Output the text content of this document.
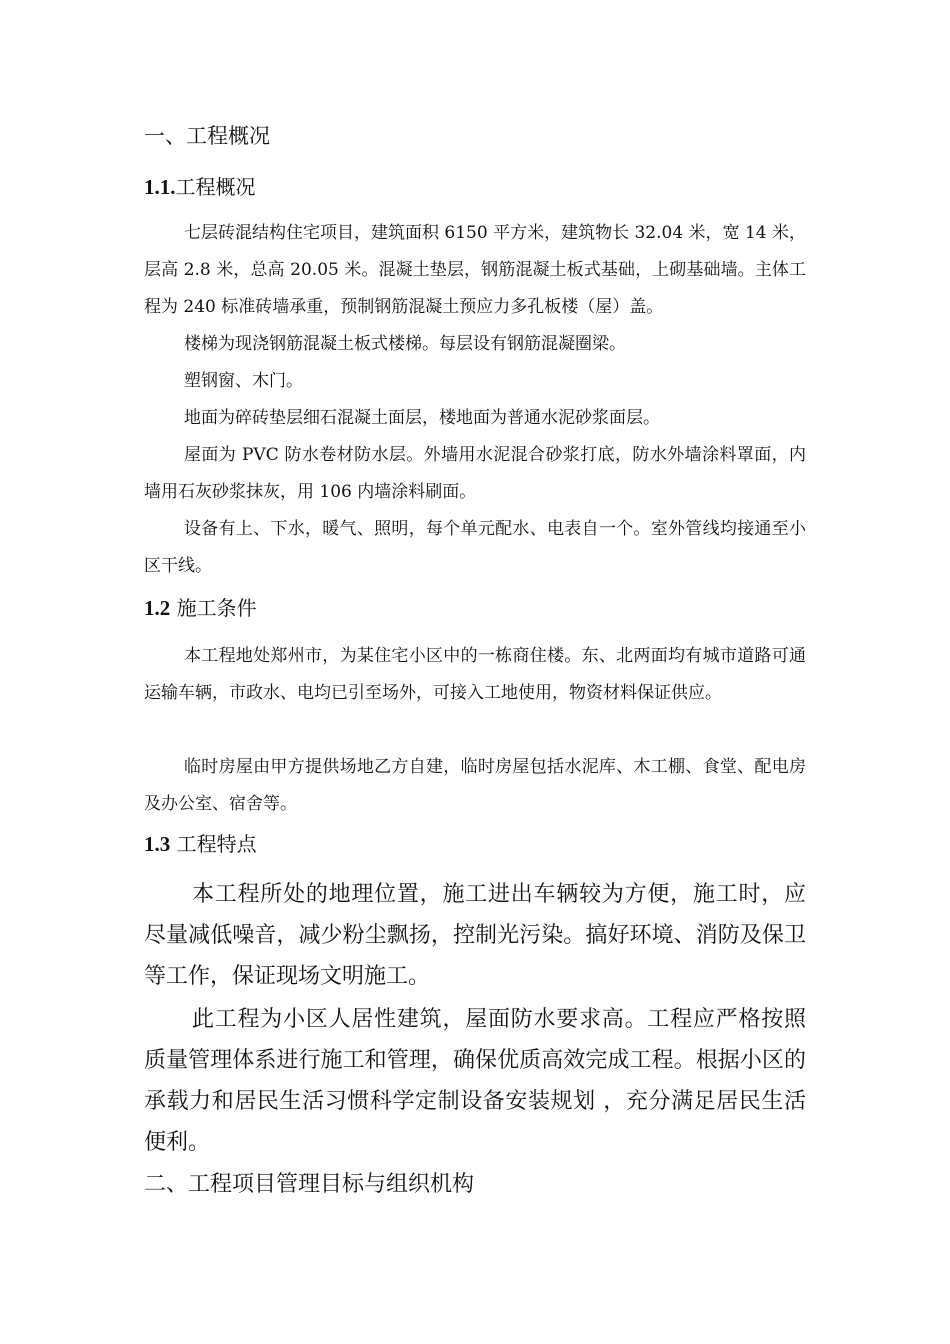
一、工程概况
1.1.工程概况

七层砖混结构住宅项目，建筑面积 6150 平方米，建筑物长 32.04 米，宽 14 米，层高 2.8 米，总高 20.05 米。混凝土垫层，钢筋混凝土板式基础，上砌基础墙。主体工程为 240 标准砖墙承重，预制钢筋混凝土预应力多孔板楼（屋）盖。

楼梯为现浇钢筋混凝土板式楼梯。每层设有钢筋混凝圈梁。

塑钢窗、木门。

地面为碎砖垫层细石混凝土面层，楼地面为普通水泥砂浆面层。

屋面为 PVC 防水卷材防水层。外墙用水泥混合砂浆打底，防水外墙涂料罩面，内墙用石灰砂浆抹灰，用 106 内墙涂料刷面。

设备有上、下水，暖气、照明，每个单元配水、电表自一个。室外管线均接通至小区干线。

1.2 施工条件

本工程地处郑州市，为某住宅小区中的一栋商住楼。东、北两面均有城市道路可通运输车辆，市政水、电均已引至场外，可接入工地使用，物资材料保证供应。

临时房屋由甲方提供场地乙方自建，临时房屋包括水泥库、木工棚、食堂、配电房及办公室、宿舍等。

1.3 工程特点

本工程所处的地理位置，施工进出车辆较为方便，施工时，应尽量减低噪音，减少粉尘飘扬，控制光污染。搞好环境、消防及保卫等工作，保证现场文明施工。

此工程为小区人居性建筑，屋面防水要求高。工程应严格按照质量管理体系进行施工和管理，确保优质高效完成工程。根据小区的承载力和居民生活习惯科学定制设备安装规划 ，充分满足居民生活便利。

二、工程项目管理目标与组织机构
